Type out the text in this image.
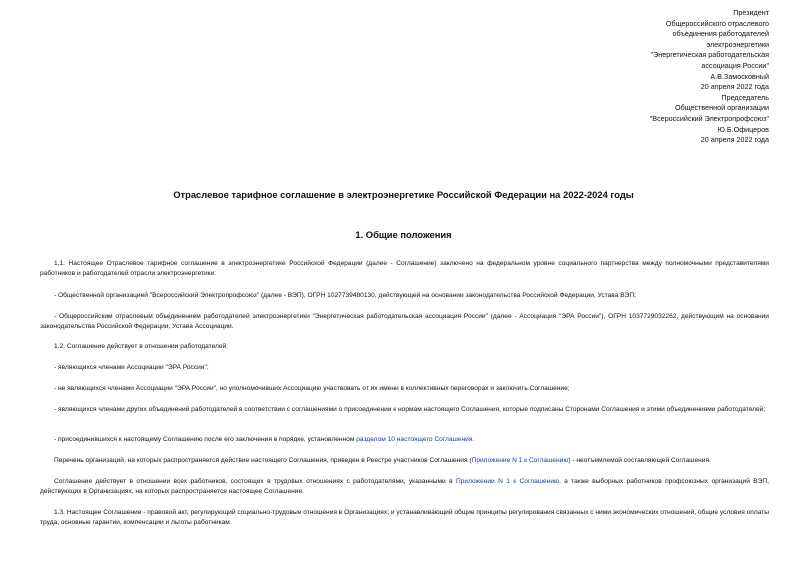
Президент
Общероссийского отраслевого
объединения работодателей
электроэнергетики
"Энергетическая работодательская
ассоциация России"
А.В.Замосковный
20 апреля 2022 года
Председатель
Общественной организации
"Всероссийский Электропрофсоюз"
Ю.Б.Офицеров
20 апреля 2022 года
Отраслевое тарифное соглашение в электроэнергетике Российской Федерации на 2022-2024 годы
1. Общие положения
1.1. Настоящее Отраслевое тарифное соглашение в электроэнергетике Российской Федерации (далее - Соглашение) заключено на федеральном уровне социального партнерства между полномочными представителями работников и работодателей отрасли электроэнергетики:
- Общественной организацией "Всероссийский Электропрофсоюз" (далее - ВЭП), ОГРН 1027739480130, действующей на основании законодательства Российской Федерации, Устава ВЭП;
- Общероссийским отраслевым объединением работодателей электроэнергетики "Энергетическая работодательская ассоциация России" (далее - Ассоциация "ЭРА России"), ОГРН 1037729032262, действующим на основании законодательства Российской Федерации, Устава Ассоциации.
1.2. Соглашение действует в отношении работодателей:
- являющихся членами Ассоциации "ЭРА России";
- не являющихся членами Ассоциации "ЭРА России", но уполномочивших Ассоциацию участвовать от их имени в коллективных переговорах и заключить Соглашение;
- являющихся членами других объединений работодателей в соответствии с соглашениями о присоединении к нормам настоящего Соглашения, которые подписаны Сторонами Соглашения и этими объединениями работодателей;
- присоединившихся к настоящему Соглашению после его заключения в порядке, установленном разделом 10 настоящего Соглашения.
Перечень организаций, на которых распространяется действие настоящего Соглашения, приведен в Реестре участников Соглашения (Приложение N 1 к Соглашению) - неотъемлемой составляющей Соглашения.
Соглашение действует в отношении всех работников, состоящих в трудовых отношениях с работодателями, указанными в Приложении N 1 к Соглашению, а также выборных работников профсоюзных организаций ВЭП, действующих в Организациях, на которых распространяется настоящее Соглашение.
1.3. Настоящее Соглашение - правовой акт, регулирующий социально-трудовые отношения в Организациях; и устанавливающий общие принципы регулирования связанных с ними экономических отношений, общие условия оплаты труда, основные гарантии, компенсации и льготы работникам.
